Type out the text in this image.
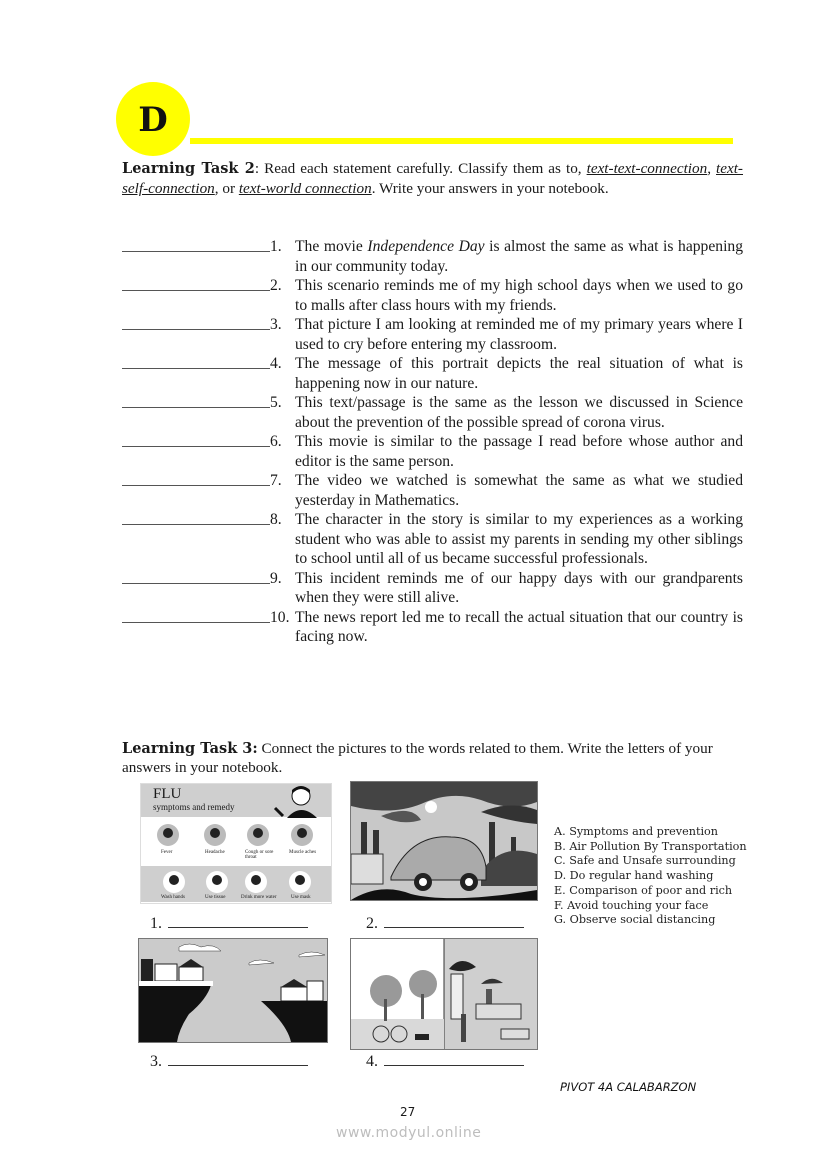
D
Learning Task 2: Read each statement carefully. Classify them as to, text-text-connection, text-self-connection, or text-world connection. Write your answers in your notebook.
1. The movie Independence Day is almost the same as what is happening in our community today.
2. This scenario reminds me of my high school days when we used to go to malls after class hours with my friends.
3. That picture I am looking at reminded me of my primary years where I used to cry before entering my classroom.
4. The message of this portrait depicts the real situation of what is happening now in our nature.
5. This text/passage is the same as the lesson we discussed in Science about the prevention of the possible spread of corona virus.
6. This movie is similar to the passage I read before whose author and editor is the same person.
7. The video we watched is somewhat the same as what we studied yesterday in Mathematics.
8. The character in the story is similar to my experiences as a working student who was able to assist my parents in sending my other siblings to school until all of us became successful professionals.
9. This incident reminds me of our happy days with our grandparents when they were still alive.
10. The news report led me to recall the actual situation that our country is facing now.
Learning Task 3: Connect the pictures to the words related to them. Write the letters of your answers in your notebook.
FLU
symptoms and remedy
Fever	Headache	Cough or sore throat
Muscle aches
Wash hands	Use tissue	Drink more water	Use mask
1.	2.
A. Symptoms and prevention
B. Air Pollution By Transportation
C. Safe and Unsafe surrounding
D. Do regular hand washing
E. Comparison of poor and rich
F. Avoid touching your face
G. Observe social distancing
3.	4.
PIVOT 4A CALABARZON
27
www.modyul.online
